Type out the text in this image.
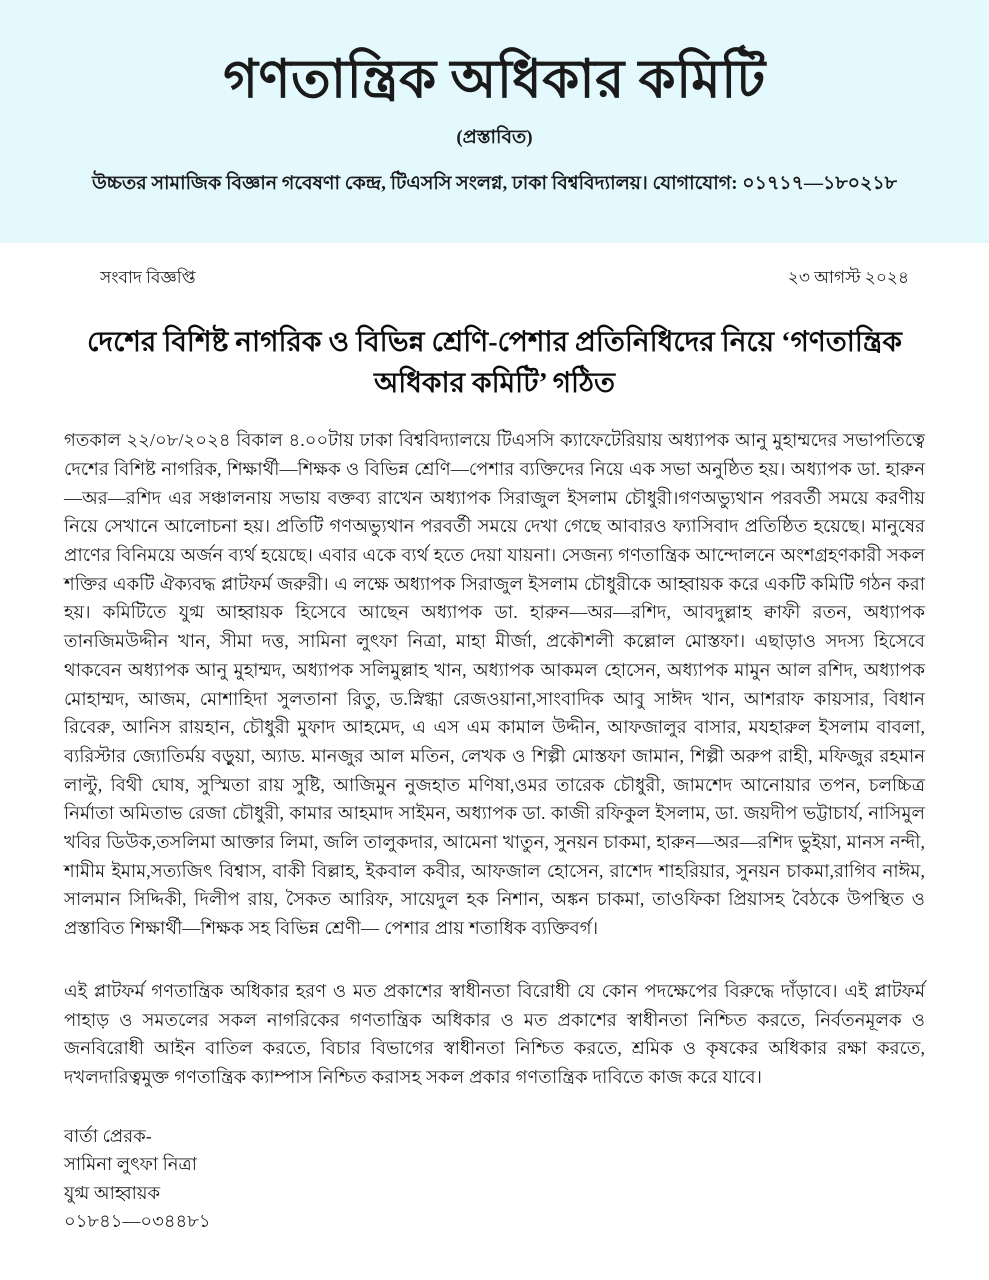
গণতান্ত্রিক অধিকার কমিটি
(প্রস্তাবিত)
উচ্চতর সামাজিক বিজ্ঞান গবেষণা কেন্দ্র, টিএসসি সংলগ্ন, ঢাকা বিশ্ববিদ্যালয়। যোগাযোগ: ০১৭১৭—১৮০২১৮
সংবাদ বিজ্ঞপ্তি	২৩ আগস্ট ২০২৪
দেশের বিশিষ্ট নাগরিক ও বিভিন্ন শ্রেণি-পেশার প্রতিনিধিদের নিয়ে ‘গণতান্ত্রিক অধিকার কমিটি’ গঠিত

গতকাল ২২/০৮/২০২৪ বিকাল ৪.০০টায় ঢাকা বিশ্ববিদ্যালয়ে টিএসসি ক্যাফেটেরিয়ায় অধ্যাপক আনু মুহাম্মদের সভাপতিত্বে দেশের বিশিষ্ট নাগরিক, শিক্ষার্থী—শিক্ষক ও বিভিন্ন শ্রেণি—পেশার ব্যক্তিদের নিয়ে এক সভা অনুষ্ঠিত হয়। অধ্যাপক ডা. হারুন—অর—রশিদ এর সঞ্চালনায় সভায় বক্তব্য রাখেন অধ্যাপক সিরাজুল ইসলাম চৌধুরী।গণঅভ্যুথান পরবর্তী সময়ে করণীয় নিয়ে সেখানে আলোচনা হয়। প্রতিটি গণঅভ্যুথান পরবর্তী সময়ে দেখা গেছে আবারও ফ্যাসিবাদ প্রতিষ্ঠিত হয়েছে। মানুষের প্রাণের বিনিময়ে অর্জন ব্যর্থ হয়েছে। এবার একে ব্যর্থ হতে দেয়া যায়না। সেজন্য গণতান্ত্রিক আন্দোলনে অংশগ্রহণকারী সকল শক্তির একটি ঐক্যবদ্ধ প্লাটফর্ম জরুরী। এ লক্ষে অধ্যাপক সিরাজুল ইসলাম চৌধুরীকে আহ্বায়ক করে একটি কমিটি গঠন করা হয়। কমিটিতে যুগ্ম আহ্বায়ক হিসেবে আছেন অধ্যাপক ডা. হারুন—অর—রশিদ, আবদুল্লাহ ক্বাফী রতন, অধ্যাপক তানজিমউদ্দীন খান, সীমা দত্ত, সামিনা লুৎফা নিত্রা, মাহা মীর্জা, প্রকৌশলী কল্লোল মোস্তফা। এছাড়াও সদস্য হিসেবে থাকবেন অধ্যাপক আনু মুহাম্মদ, অধ্যাপক সলিমুল্লাহ খান, অধ্যাপক আকমল হোসেন, অধ্যাপক মামুন আল রশিদ, অধ্যাপক মোহাম্মদ, আজম, মোশাহিদা সুলতানা রিতু, ড.স্নিগ্ধা রেজওয়ানা,সাংবাদিক আবু সাঈদ খান, আশরাফ কায়সার, বিধান রিবেরু, আনিস রায়হান, চৌধুরী মুফাদ আহমেদ, এ এস এম কামাল উদ্দীন, আফজালুর বাসার, মযহারুল ইসলাম বাবলা, ব্যরিস্টার জ্যোতির্ময় বড়ুয়া, অ্যাড. মানজুর আল মতিন, লেখক ও শিল্পী মোস্তফা জামান, শিল্পী অরুপ রাহী, মফিজুর রহমান লাল্টু, বিথী ঘোষ, সুস্মিতা রায় সুষ্টি, আজিমুন নুজহাত মণিষা,ওমর তারেক চৌধুরী, জামশেদ আনোয়ার তপন, চলচ্চিত্র নির্মাতা অমিতাভ রেজা চৌধুরী, কামার আহমাদ সাইমন, অধ্যাপক ডা. কাজী রফিকুল ইসলাম, ডা. জয়দীপ ভট্টাচার্য, নাসিমুল খবির ডিউক,তসলিমা আক্তার লিমা, জলি তালুকদার, আমেনা খাতুন, সুনয়ন চাকমা, হারুন—অর—রশিদ ভুইয়া, মানস নন্দী, শামীম ইমাম,সত্যজিৎ বিশ্বাস, বাকী বিল্লাহ, ইকবাল কবীর, আফজাল হোসেন, রাশেদ শাহরিয়ার, সুনয়ন চাকমা,রাগিব নাঈম, সালমান সিদ্দিকী, দিলীপ রায়, সৈকত আরিফ, সায়েদুল হক নিশান, অঙ্কন চাকমা, তাওফিকা প্রিয়াসহ বৈঠকে উপস্থিত ও প্রস্তাবিত শিক্ষার্থী—শিক্ষক সহ বিভিন্ন শ্রেণী— পেশার প্রায় শতাধিক ব্যক্তিবর্গ।

এই প্লাটফর্ম গণতান্ত্রিক অধিকার হরণ ও মত প্রকাশের স্বাধীনতা বিরোধী যে কোন পদক্ষেপের বিরুদ্ধে দাঁড়াবে। এই প্লাটফর্ম পাহাড় ও সমতলের সকল নাগরিকের গণতান্ত্রিক অধিকার ও মত প্রকাশের স্বাধীনতা নিশ্চিত করতে, নির্বতনমূলক ও জনবিরোধী আইন বাতিল করতে, বিচার বিভাগের স্বাধীনতা নিশ্চিত করতে, শ্রমিক ও কৃষকের অধিকার রক্ষা করতে, দখলদারিত্বমুক্ত গণতান্ত্রিক ক্যাম্পাস নিশ্চিত করাসহ সকল প্রকার গণতান্ত্রিক দাবিতে কাজ করে যাবে।

বার্তা প্রেরক-
সামিনা লুৎফা নিত্রা
যুগ্ম আহ্বায়ক
০১৮৪১—০৩৪৪৮১
